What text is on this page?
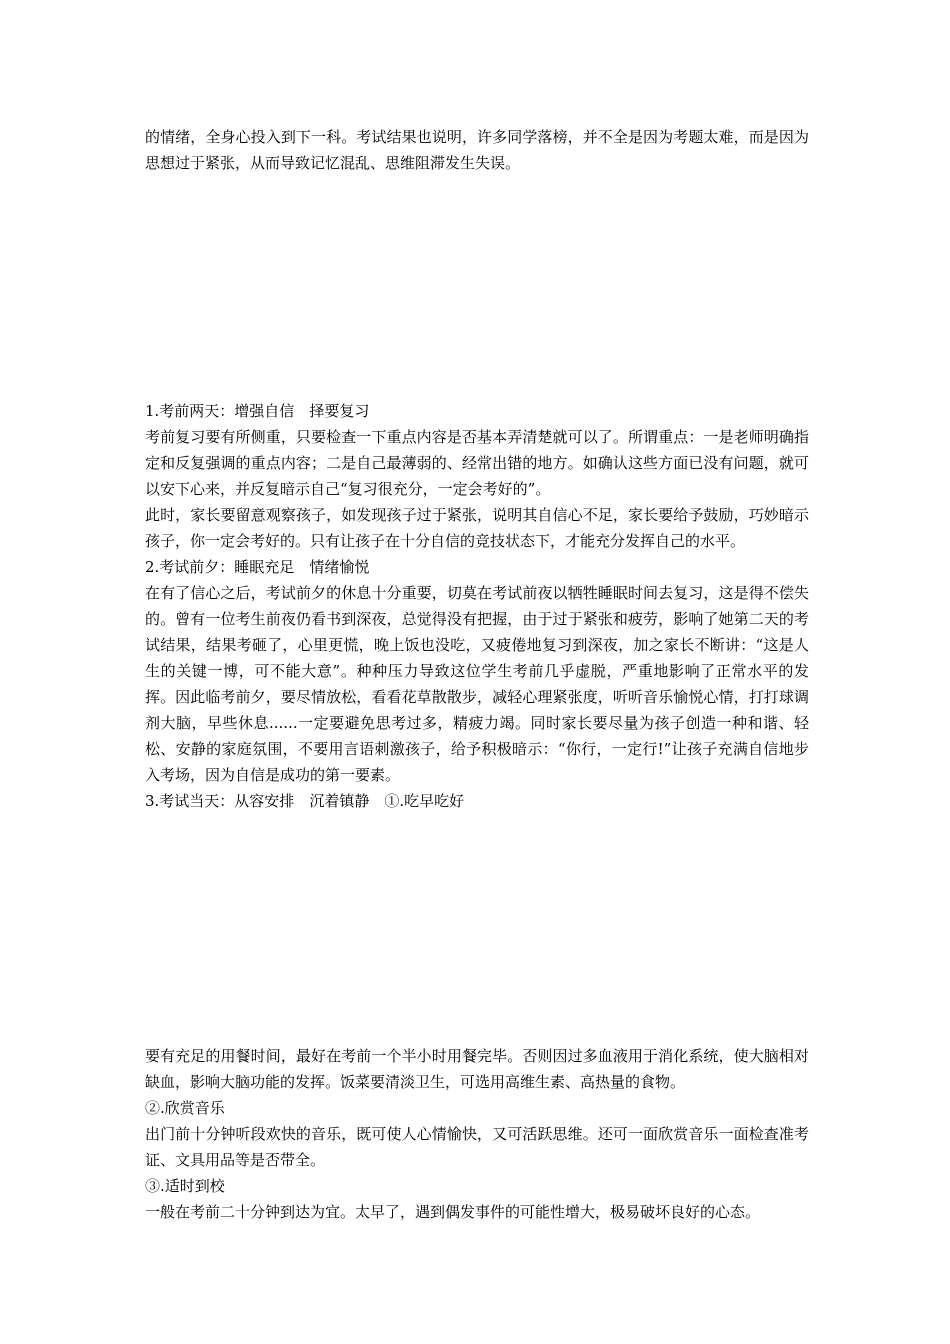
的情绪，全身心投入到下一科。考试结果也说明，许多同学落榜，并不全是因为考题太难，而是因为思想过于紧张，从而导致记忆混乱、思维阻滞发生失误。

1.考前两天：增强自信　择要复习

考前复习要有所侧重，只要检查一下重点内容是否基本弄清楚就可以了。所谓重点：一是老师明确指定和反复强调的重点内容；二是自己最薄弱的、经常出错的地方。如确认这些方面已没有问题，就可以安下心来，并反复暗示自己“复习很充分，一定会考好的”。

此时，家长要留意观察孩子，如发现孩子过于紧张，说明其自信心不足，家长要给予鼓励，巧妙暗示孩子，你一定会考好的。只有让孩子在十分自信的竞技状态下，才能充分发挥自己的水平。

2.考试前夕：睡眠充足　情绪愉悦

在有了信心之后，考试前夕的休息十分重要，切莫在考试前夜以牺牲睡眠时间去复习，这是得不偿失的。曾有一位考生前夜仍看书到深夜，总觉得没有把握，由于过于紧张和疲劳，影响了她第二天的考试结果，结果考砸了，心里更慌，晚上饭也没吃，又疲倦地复习到深夜，加之家长不断讲：“这是人生的关键一博，可不能大意”。种种压力导致这位学生考前几乎虚脱，严重地影响了正常水平的发挥。因此临考前夕，要尽情放松，看看花草散散步，减轻心理紧张度，听听音乐愉悦心情，打打球调剂大脑，早些休息......一定要避免思考过多，精疲力竭。同时家长要尽量为孩子创造一种和谐、轻松、安静的家庭氛围，不要用言语刺激孩子，给予积极暗示：“你行，一定行!”让孩子充满自信地步入考场，因为自信是成功的第一要素。

3.考试当天：从容安排　沉着镇静　①.吃早吃好

要有充足的用餐时间，最好在考前一个半小时用餐完毕。否则因过多血液用于消化系统，使大脑相对缺血，影响大脑功能的发挥。饭菜要清淡卫生，可选用高维生素、高热量的食物。

②.欣赏音乐

出门前十分钟听段欢快的音乐，既可使人心情愉快，又可活跃思维。还可一面欣赏音乐一面检查准考证、文具用品等是否带全。

③.适时到校

一般在考前二十分钟到达为宜。太早了，遇到偶发事件的可能性增大，极易破坏良好的心态。
